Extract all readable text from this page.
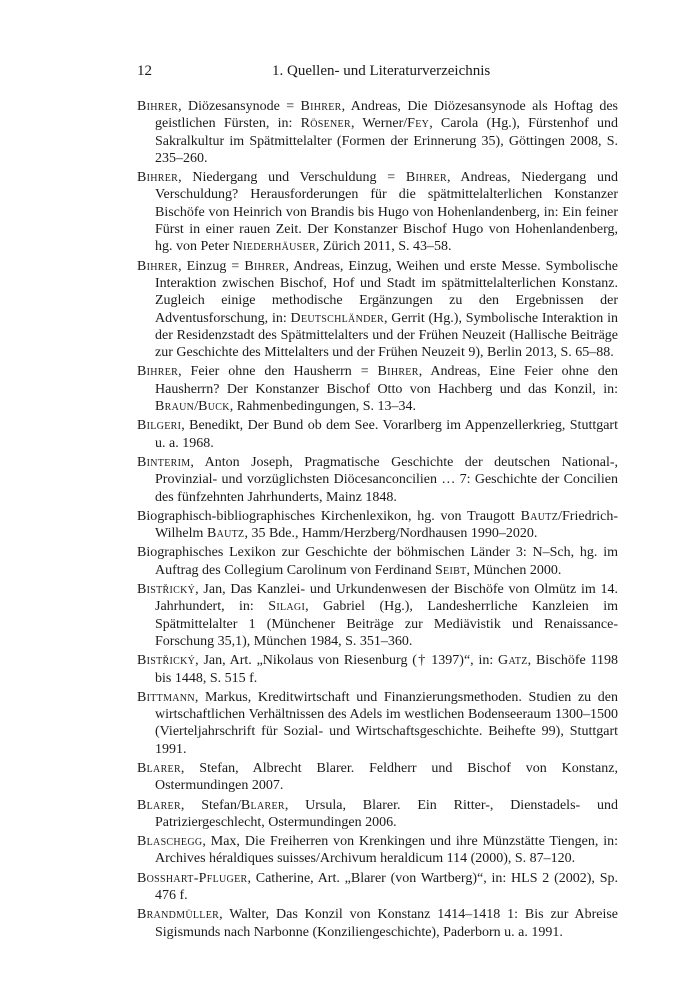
12	1. Quellen- und Literaturverzeichnis
Bihrer, Diözesansynode = Bihrer, Andreas, Die Diözesansynode als Hoftag des geistlichen Fürsten, in: Rösener, Werner/Fey, Carola (Hg.), Fürstenhof und Sakralkultur im Spätmittelalter (Formen der Erinnerung 35), Göttingen 2008, S. 235–260.
Bihrer, Niedergang und Verschuldung = Bihrer, Andreas, Niedergang und Verschuldung? Herausforderungen für die spätmittelalterlichen Konstanzer Bischöfe von Heinrich von Brandis bis Hugo von Hohenlandenberg, in: Ein feiner Fürst in einer rauen Zeit. Der Konstanzer Bischof Hugo von Hohenlandenberg, hg. von Peter Niederhäuser, Zürich 2011, S. 43–58.
Bihrer, Einzug = Bihrer, Andreas, Einzug, Weihen und erste Messe. Symbolische Interaktion zwischen Bischof, Hof und Stadt im spätmittelalterlichen Konstanz. Zugleich einige methodische Ergänzungen zu den Ergebnissen der Adventusforschung, in: Deutschländer, Gerrit (Hg.), Symbolische Interaktion in der Residenzstadt des Spätmittelalters und der Frühen Neuzeit (Hallische Beiträge zur Geschichte des Mittelalters und der Frühen Neuzeit 9), Berlin 2013, S. 65–88.
Bihrer, Feier ohne den Hausherrn = Bihrer, Andreas, Eine Feier ohne den Hausherrn? Der Konstanzer Bischof Otto von Hachberg und das Konzil, in: Braun/Buck, Rahmenbedingungen, S. 13–34.
Bilgeri, Benedikt, Der Bund ob dem See. Vorarlberg im Appenzellerkrieg, Stuttgart u. a. 1968.
Binterim, Anton Joseph, Pragmatische Geschichte der deutschen National-, Provinzial- und vorzüglichsten Diöcesanconcilien … 7: Geschichte der Concilien des fünfzehnten Jahrhunderts, Mainz 1848.
Biographisch-bibliographisches Kirchenlexikon, hg. von Traugott Bautz/Friedrich-Wilhelm Bautz, 35 Bde., Hamm/Herzberg/Nordhausen 1990–2020.
Biographisches Lexikon zur Geschichte der böhmischen Länder 3: N–Sch, hg. im Auftrag des Collegium Carolinum von Ferdinand Seibt, München 2000.
Bistřický, Jan, Das Kanzlei- und Urkundenwesen der Bischöfe von Olmütz im 14. Jahrhundert, in: Silagi, Gabriel (Hg.), Landesherrliche Kanzleien im Spätmittelalter 1 (Münchener Beiträge zur Mediävistik und Renaissance-Forschung 35,1), München 1984, S. 351–360.
Bistřický, Jan, Art. „Nikolaus von Riesenburg († 1397)“, in: Gatz, Bischöfe 1198 bis 1448, S. 515 f.
Bittmann, Markus, Kreditwirtschaft und Finanzierungsmethoden. Studien zu den wirtschaftlichen Verhältnissen des Adels im westlichen Bodenseeraum 1300–1500 (Vierteljahrschrift für Sozial- und Wirtschaftsgeschichte. Beihefte 99), Stuttgart 1991.
Blarer, Stefan, Albrecht Blarer. Feldherr und Bischof von Konstanz, Ostermundingen 2007.
Blarer, Stefan/Blarer, Ursula, Blarer. Ein Ritter-, Dienstadels- und Patriziergeschlecht, Ostermundingen 2006.
Blaschegg, Max, Die Freiherren von Krenkingen und ihre Münzstätte Tiengen, in: Archives héraldiques suisses/Archivum heraldicum 114 (2000), S. 87–120.
Bosshart-Pfluger, Catherine, Art. „Blarer (von Wartberg)“, in: HLS 2 (2002), Sp. 476 f.
Brandmüller, Walter, Das Konzil von Konstanz 1414–1418 1: Bis zur Abreise Sigismunds nach Narbonne (Konziliengeschichte), Paderborn u. a. 1991.
